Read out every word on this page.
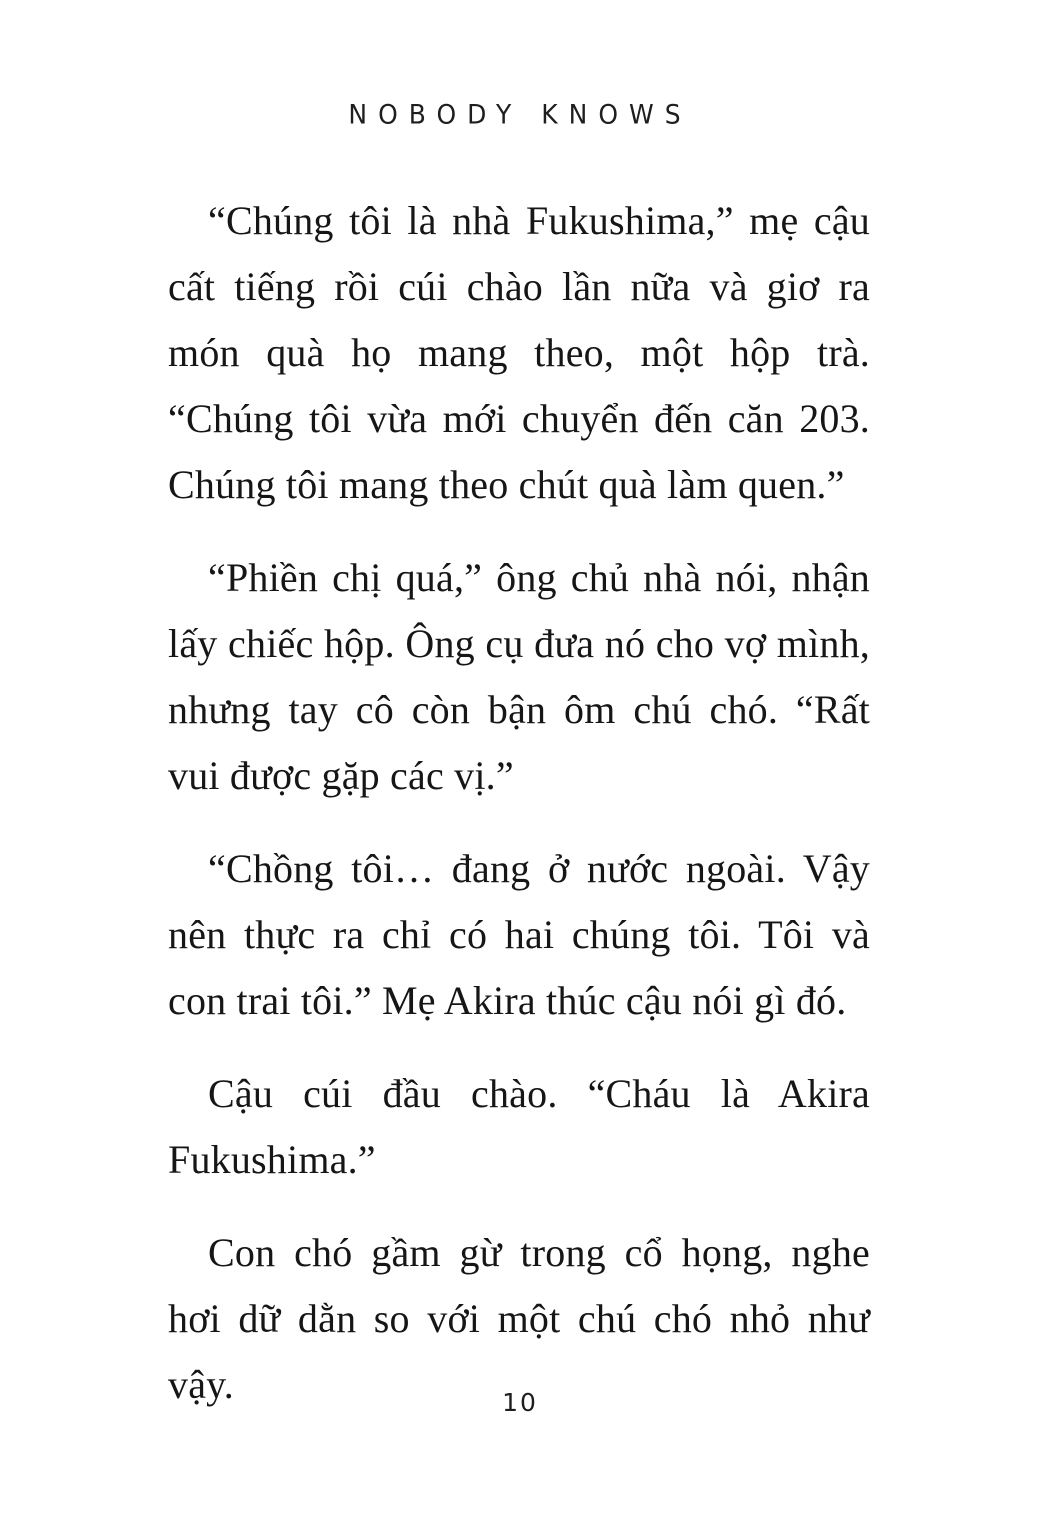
NOBODY KNOWS

“Chúng tôi là nhà Fukushima,” mẹ cậu cất tiếng rồi cúi chào lần nữa và giơ ra món quà họ mang theo, một hộp trà. “Chúng tôi vừa mới chuyển đến căn 203. Chúng tôi mang theo chút quà làm quen.”

“Phiền chị quá,” ông chủ nhà nói, nhận lấy chiếc hộp. Ông cụ đưa nó cho vợ mình, nhưng tay cô còn bận ôm chú chó. “Rất vui được gặp các vị.”

“Chồng tôi… đang ở nước ngoài. Vậy nên thực ra chỉ có hai chúng tôi. Tôi và con trai tôi.” Mẹ Akira thúc cậu nói gì đó.

Cậu cúi đầu chào. “Cháu là Akira Fukushima.”

Con chó gầm gừ trong cổ họng, nghe hơi dữ dằn so với một chú chó nhỏ như vậy.	10
